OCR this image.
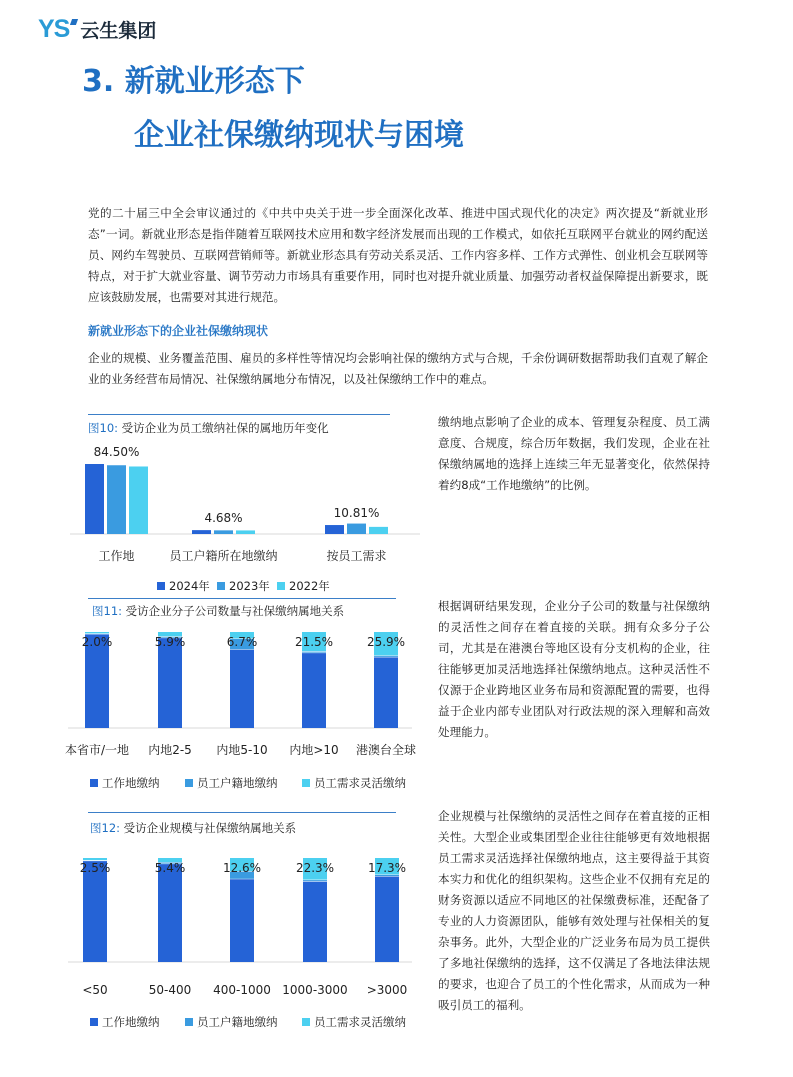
YS 云生集团
3. 新就业形态下
企业社保缴纳现状与困境
党的二十届三中全会审议通过的《中共中央关于进一步全面深化改革、推进中国式现代化的决定》两次提及“新就业形态”一词。新就业形态是指伴随着互联网技术应用和数字经济发展而出现的工作模式，如依托互联网平台就业的网约配送员、网约车驾驶员、互联网营销师等。新就业形态具有劳动关系灵活、工作内容多样、工作方式弹性、创业机会互联网等特点，对于扩大就业容量、调节劳动力市场具有重要作用，同时也对提升就业质量、加强劳动者权益保障提出新要求，既应该鼓励发展，也需要对其进行规范。
新就业形态下的企业社保缴纳现状
企业的规模、业务覆盖范围、雇员的多样性等情况均会影响社保的缴纳方式与合规，千余份调研数据帮助我们直观了解企业的业务经营布局情况、社保缴纳属地分布情况，以及社保缴纳工作中的难点。
图10: 受访企业为员工缴纳社保的属地历年变化
84.50%
工作地
4.68%
员工户籍所在地缴纳
10.81%
按员工需求
2024年 2023年 2022年
图11: 受访企业分子公司数量与社保缴纳属地关系
2.0%
本省市/一地
5.9%
内地2-5
6.7%
内地5-10
21.5%
内地>10
25.9%
港澳台全球
工作地缴纳	员工户籍地缴纳	员工需求灵活缴纳
图12: 受访企业规模与社保缴纳属地关系
2.5%
<50
5.4%
50-400
12.6%
400-1000
22.3%
1000-3000
17.3%
>3000
工作地缴纳	员工户籍地缴纳	员工需求灵活缴纳
缴纳地点影响了企业的成本、管理复杂程度、员工满意度、合规度，综合历年数据，我们发现，企业在社保缴纳属地的选择上连续三年无显著变化，依然保持着约8成“工作地缴纳”的比例。
根据调研结果发现，企业分子公司的数量与社保缴纳的灵活性之间存在着直接的关联。拥有众多分子公司，尤其是在港澳台等地区设有分支机构的企业，往往能够更加灵活地选择社保缴纳地点。这种灵活性不仅源于企业跨地区业务布局和资源配置的需要，也得益于企业内部专业团队对行政法规的深入理解和高效处理能力。
企业规模与社保缴纳的灵活性之间存在着直接的正相关性。大型企业或集团型企业往往能够更有效地根据员工需求灵活选择社保缴纳地点，这主要得益于其资本实力和优化的组织架构。这些企业不仅拥有充足的财务资源以适应不同地区的社保缴费标准，还配备了专业的人力资源团队，能够有效处理与社保相关的复杂事务。此外，大型企业的广泛业务布局为员工提供了多地社保缴纳的选择，这不仅满足了各地法律法规的要求，也迎合了员工的个性化需求，从而成为一种吸引员工的福利。
